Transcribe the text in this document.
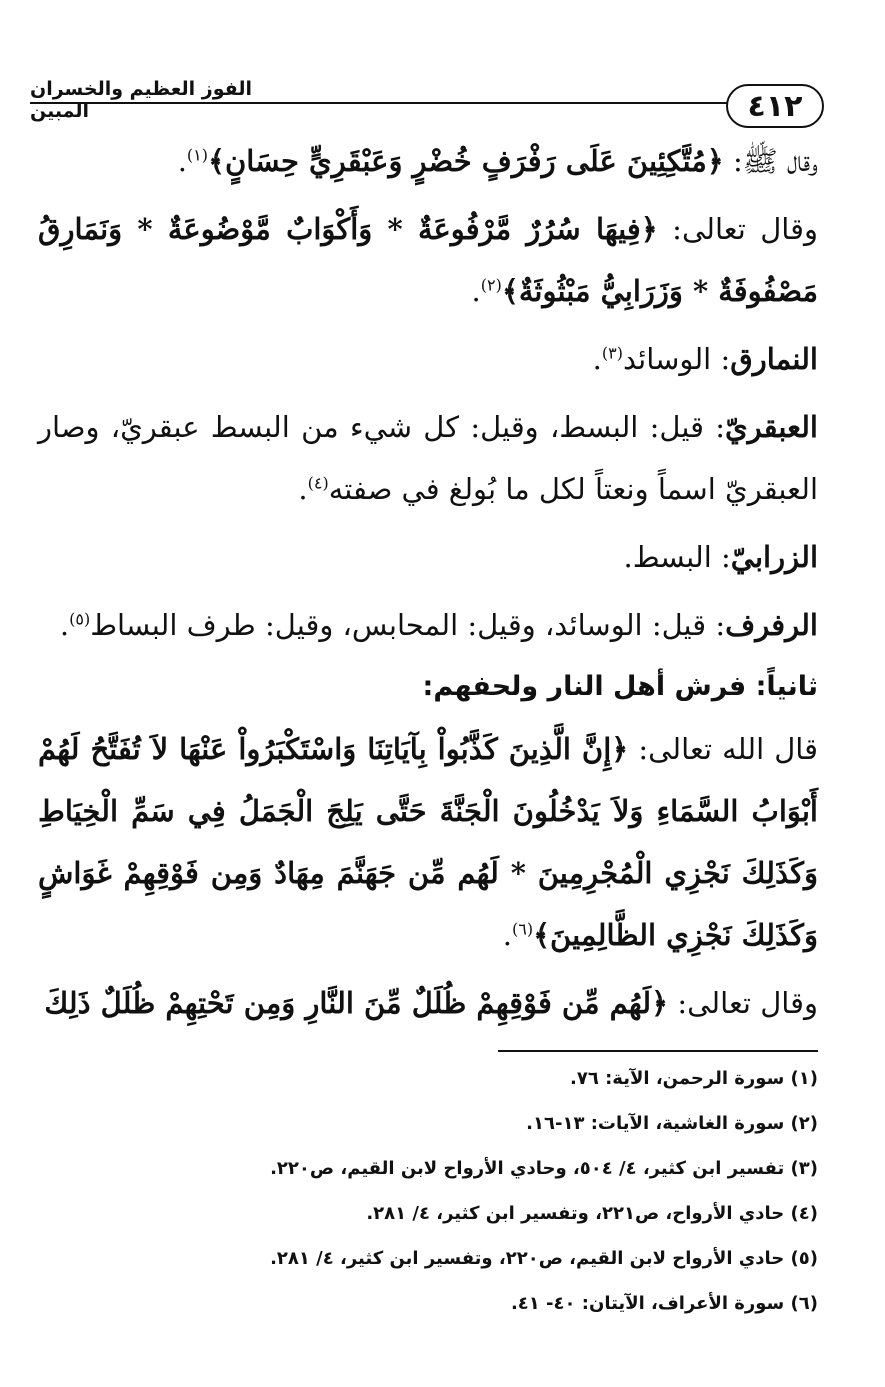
الفوز العظيم والخسران المبين	٤١٢

وقال ﷺ: ﴿مُتَّكِئِينَ عَلَى رَفْرَفٍ خُضْرٍ وَعَبْقَرِيٍّ حِسَانٍ﴾$^{(١)}$.

وقال تعالى: ﴿فِيهَا سُرُرٌ مَّرْفُوعَةٌ * وَأَكْوَابٌ مَّوْضُوعَةٌ * وَنَمَارِقُ مَصْفُوفَةٌ * وَزَرَابِيُّ مَبْثُوثَةٌ﴾$^{(٢)}$.

النمارق: الوسائد$^{(٣)}$.

العبقريّ: قيل: البسط، وقيل: كل شيء من البسط عبقريّ، وصار العبقريّ اسماً ونعتاً لكل ما بُولغ في صفته$^{(٤)}$.

الزرابيّ: البسط.

الرفرف: قيل: الوسائد، وقيل: المحابس، وقيل: طرف البساط$^{(٥)}$.

ثانياً: فرش أهل النار ولحفهم:

قال الله تعالى: ﴿إِنَّ الَّذِينَ كَذَّبُواْ بِآيَاتِنَا وَاسْتَكْبَرُواْ عَنْهَا لاَ تُفَتَّحُ لَهُمْ أَبْوَابُ السَّمَاءِ وَلاَ يَدْخُلُونَ الْجَنَّةَ حَتَّى يَلِجَ الْجَمَلُ فِي سَمِّ الْخِيَاطِ وَكَذَلِكَ نَجْزِي الْمُجْرِمِينَ * لَهُم مِّن جَهَنَّمَ مِهَادٌ وَمِن فَوْقِهِمْ غَوَاشٍ وَكَذَلِكَ نَجْزِي الظَّالِمِينَ﴾$^{(٦)}$.

وقال تعالى: ﴿لَهُم مِّن فَوْقِهِمْ ظُلَلٌ مِّنَ النَّارِ وَمِن تَحْتِهِمْ ظُلَلٌ ذَلِكَ

(١) سورة الرحمن، الآية: ٧٦.

(٢) سورة الغاشية، الآيات: ١٣-١٦.

(٣) تفسير ابن كثير، ٤/ ٥٠٤، وحادي الأرواح لابن القيم، ص٢٢٠.

(٤) حادي الأرواح، ص٢٢١، وتفسير ابن كثير، ٤/ ٢٨١.

(٥) حادي الأرواح لابن القيم، ص٢٢٠، وتفسير ابن كثير، ٤/ ٢٨١.

(٦) سورة الأعراف، الآيتان: ٤٠- ٤١.
